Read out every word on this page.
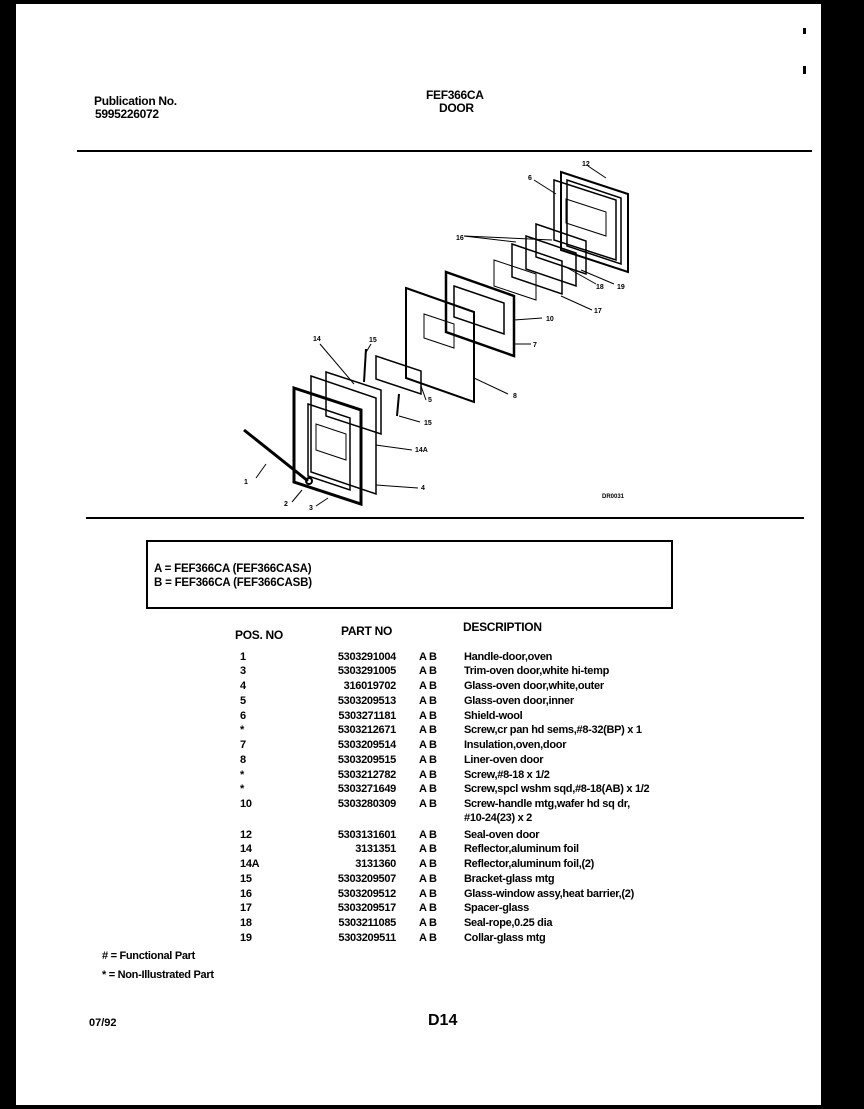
Publication No.
5995226072
FEF366CA
DOOR
12
6
16
18 19
17
10
7
14	15
5
8
15
14A
4
1
2
3
DR0031
A = FEF366CA (FEF366CASA)
B = FEF366CA (FEF366CASB)
POS. NO	PART NO	DESCRIPTION
1	5303291004 A B Handle-door,oven
3	5303291005 A B Trim-oven door,white hi-temp
4	316019702 A B Glass-oven door,white,outer
5	5303209513 A B Glass-oven door,inner
6	5303271181 A B Shield-wool
*	5303212671 A B Screw,cr pan hd sems,#8-32(BP) x 1
7	5303209514 A B Insulation,oven,door
8	5303209515 A B Liner-oven door
*	5303212782 A B Screw,#8-18 x 1/2
*	5303271649 A B Screw,spcl wshm sqd,#8-18(AB) x 1/2
10	5303280309 A B Screw-handle mtg,wafer hd sq dr,
#10-24(23) x 2
12	5303131601 A B Seal-oven door
14	3131351 A B Reflector,aluminum foil
14A	3131360 A B Reflector,aluminum foil,(2)
15	5303209507 A B Bracket-glass mtg
16	5303209512 A B Glass-window assy,heat barrier,(2)
17	5303209517 A B Spacer-glass
18	5303211085 A B Seal-rope,0.25 dia
19	5303209511 A B Collar-glass mtg
# = Functional Part
* = Non-Illustrated Part
07/92	D14
